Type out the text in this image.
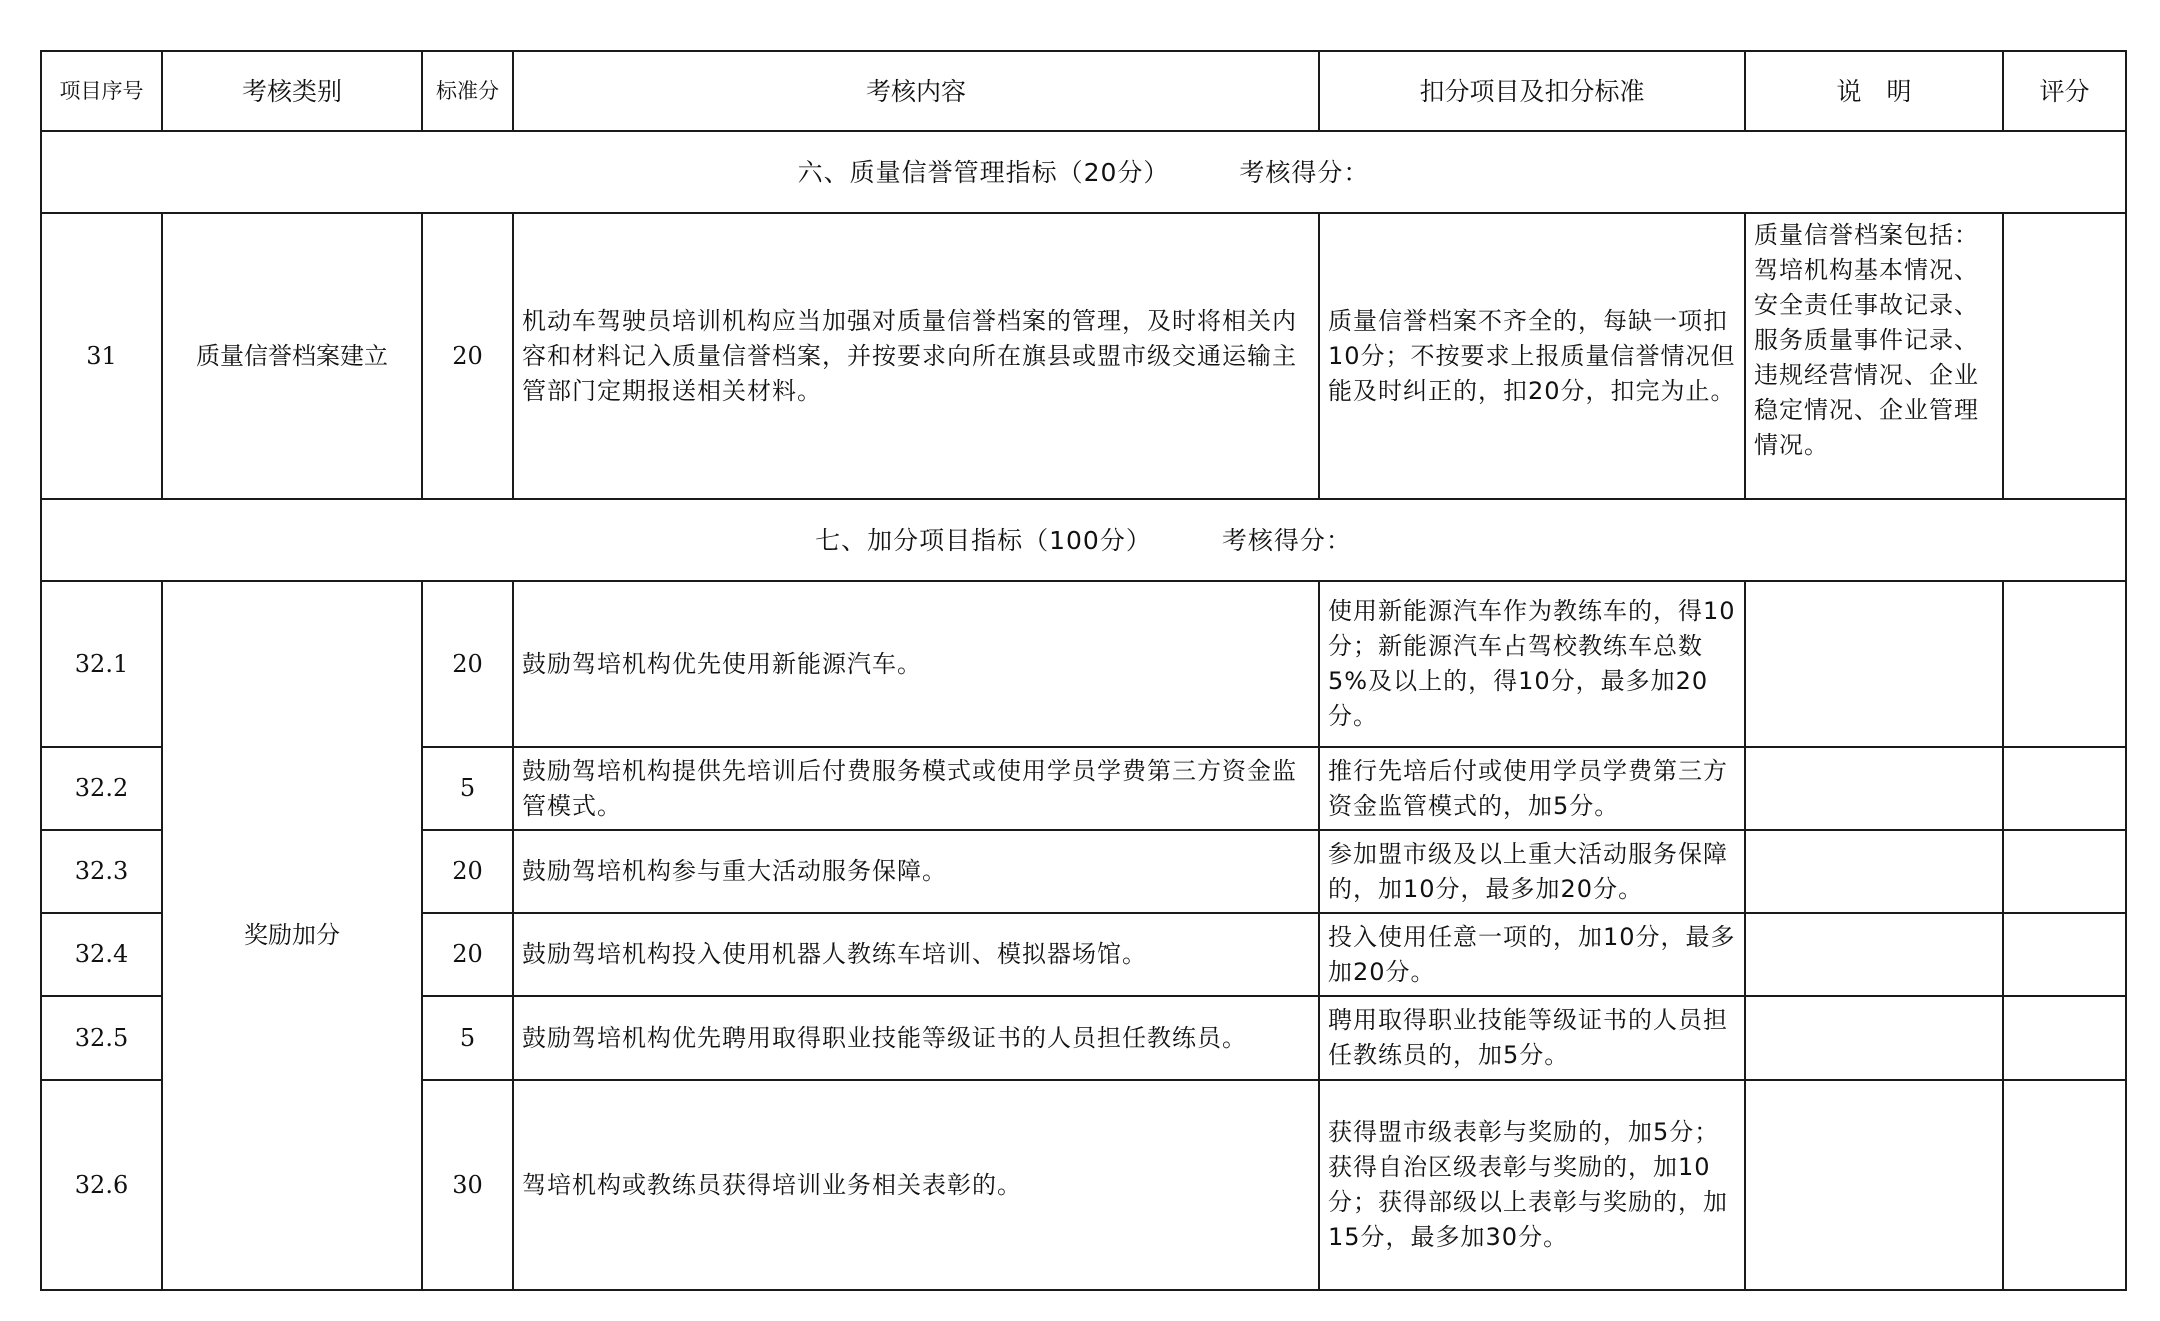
项目序号	考核类别	标准分	考核内容	扣分项目及扣分标准	说　明	评分
六、质量信誉管理指标（20分） 考核得分：						
31	质量信誉档案建立	20	机动车驾驶员培训机构应当加强对质量信誉档案的管理，及时将相关内容和材料记入质量信誉档案，并按要求向所在旗县或盟市级交通运输主管部门定期报送相关材料。	质量信誉档案不齐全的，每缺一项扣10分；不按要求上报质量信誉情况但能及时纠正的，扣20分，扣完为止。	质量信誉档案包括：驾培机构基本情况、安全责任事故记录、服务质量事件记录、违规经营情况、企业稳定情况、企业管理情况。	
七、加分项目指标（100分） 考核得分：						
32.1	奖励加分	20	鼓励驾培机构优先使用新能源汽车。	使用新能源汽车作为教练车的，得10分；新能源汽车占驾校教练车总数5%及以上的，得10分，最多加20分。		
32.2		5	鼓励驾培机构提供先培训后付费服务模式或使用学员学费第三方资金监管模式。	推行先培后付或使用学员学费第三方资金监管模式的，加5分。		
32.3		20	鼓励驾培机构参与重大活动服务保障。	参加盟市级及以上重大活动服务保障的，加10分，最多加20分。		
32.4		20	鼓励驾培机构投入使用机器人教练车培训、模拟器场馆。	投入使用任意一项的，加10分，最多加20分。		
32.5		5	鼓励驾培机构优先聘用取得职业技能等级证书的人员担任教练员。	聘用取得职业技能等级证书的人员担任教练员的，加5分。		
32.6		30	驾培机构或教练员获得培训业务相关表彰的。	获得盟市级表彰与奖励的，加5分；获得自治区级表彰与奖励的，加10分；获得部级以上表彰与奖励的，加15分，最多加30分。		
